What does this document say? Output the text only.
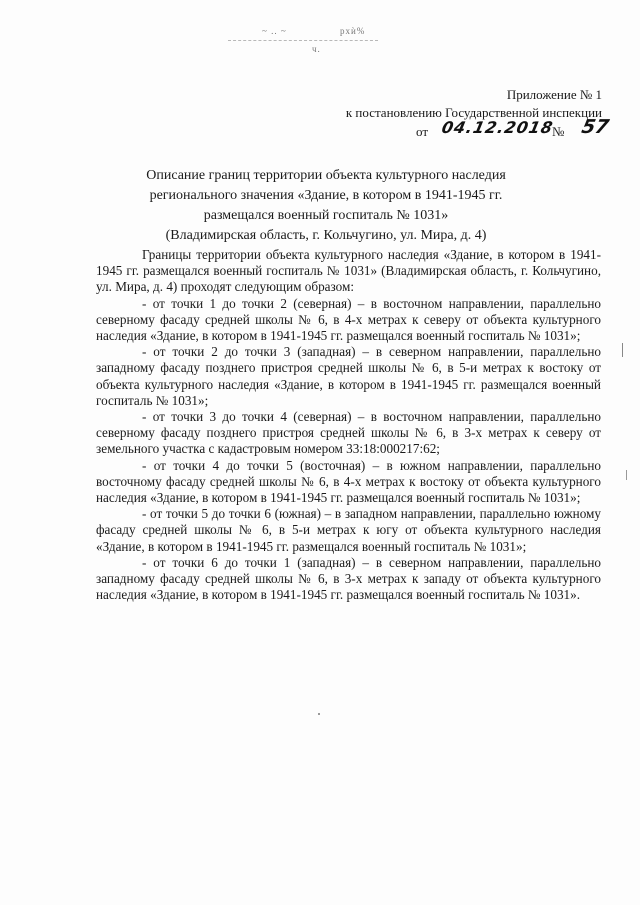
~ .. ~
ч.
рхѝ%
Приложение № 1
к постановлению Государственной инспекции
от 04.12.2018
№ 57
Описание границ территории объекта культурного наследия
регионального значения «Здание, в котором в 1941-1945 гг.
размещался военный госпиталь № 1031»
(Владимирская область, г. Кольчугино, ул. Мира, д. 4)

Границы территории объекта культурного наследия «Здание, в котором в 1941-1945 гг. размещался военный госпиталь № 1031» (Владимирская область, г. Кольчугино, ул. Мира, д. 4) проходят следующим образом:

- от точки 1 до точки 2 (северная) – в восточном направлении, параллельно северному фасаду средней школы № 6, в 4-х метрах к северу от объекта культурного наследия «Здание, в котором в 1941-1945 гг. размещался военный госпиталь № 1031»;

- от точки 2 до точки 3 (западная) – в северном направлении, параллельно западному фасаду позднего пристроя средней школы № 6, в 5-и метрах к востоку от объекта культурного наследия «Здание, в котором в 1941-1945 гг. размещался военный госпиталь № 1031»;

- от точки 3 до точки 4 (северная) – в восточном направлении, параллельно северному фасаду позднего пристроя средней школы № 6, в 3-х метрах к северу от земельного участка с кадастровым номером 33:18:000217:62;

- от точки 4 до точки 5 (восточная) – в южном направлении, параллельно восточному фасаду средней школы № 6, в 4-х метрах к востоку от объекта культурного наследия «Здание, в котором в 1941-1945 гг. размещался военный госпиталь № 1031»;

- от точки 5 до точки 6 (южная) – в западном направлении, параллельно южному фасаду средней школы № 6, в 5-и метрах к югу от объекта культурного наследия «Здание, в котором в 1941-1945 гг. размещался военный госпиталь № 1031»;

- от точки 6 до точки 1 (западная) – в северном направлении, параллельно западному фасаду средней школы № 6, в 3-х метрах к западу от объекта культурного наследия «Здание, в котором в 1941-1945 гг. размещался военный госпиталь № 1031».
